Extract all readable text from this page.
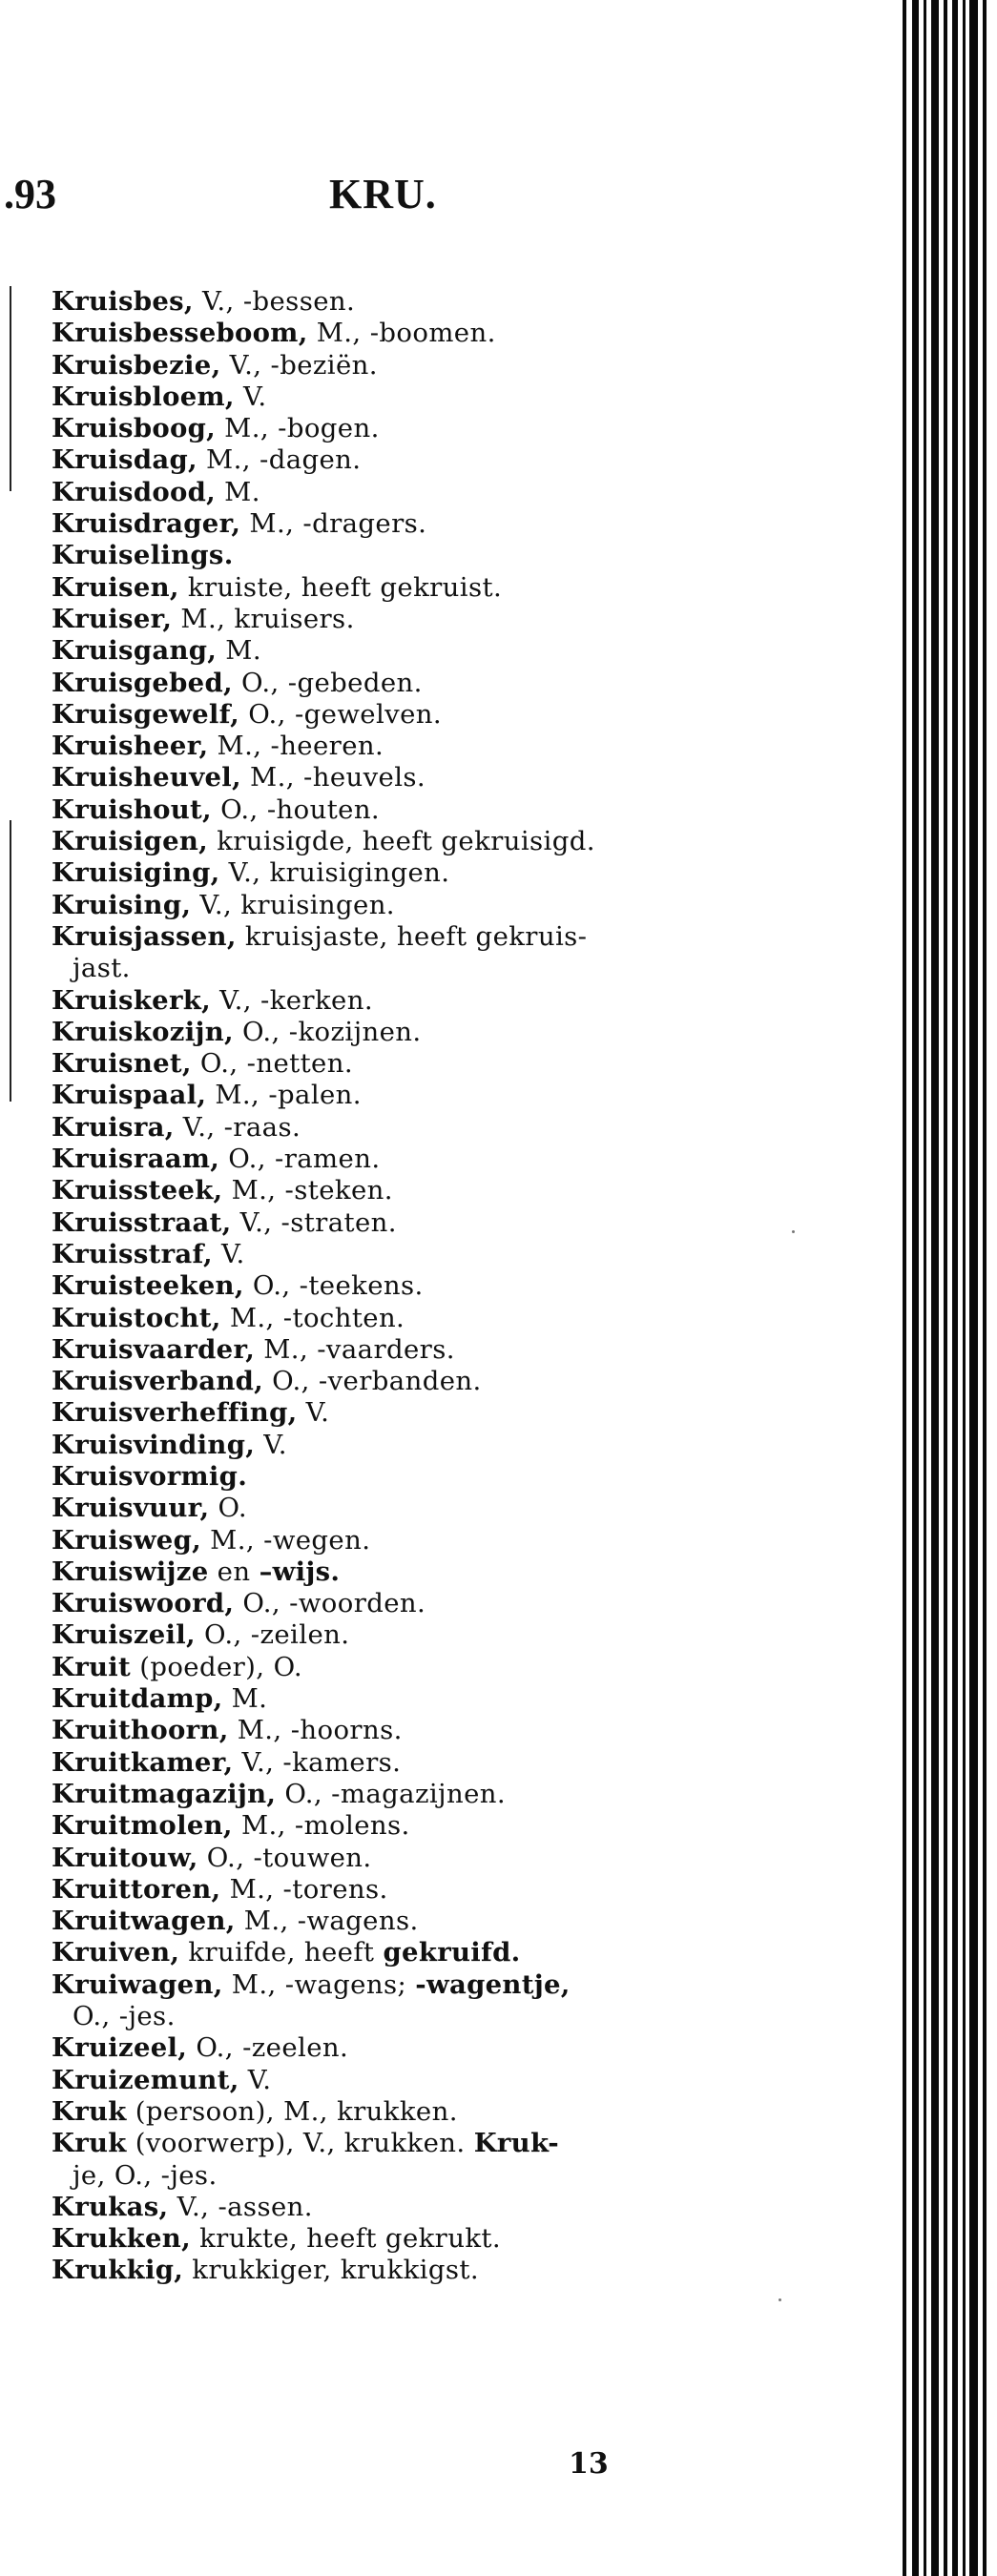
.93	KRU.
Kruisbes, V., -bessen.
Kruisbesseboom, M., -boomen.
Kruisbezie, V., -beziën.
Kruisbloem, V.
Kruisboog, M., -bogen.
Kruisdag, M., -dagen.
Kruisdood, M.
Kruisdrager, M., -dragers.
Kruiselings.
Kruisen, kruiste, heeft gekruist.
Kruiser, M., kruisers.
Kruisgang, M.
Kruisgebed, O., -gebeden.
Kruisgewelf, O., -gewelven.
Kruisheer, M., -heeren.
Kruisheuvel, M., -heuvels.
Kruishout, O., -houten.
Kruisigen, kruisigde, heeft gekruisigd.
Kruisiging, V., kruisigingen.
Kruising, V., kruisingen.
Kruisjassen, kruisjaste, heeft gekruis-
jast.
Kruiskerk, V., -kerken.
Kruiskozijn, O., -kozijnen.
Kruisnet, O., -netten.
Kruispaal, M., -palen.
Kruisra, V., -raas.
Kruisraam, O., -ramen.
Kruissteek, M., -steken.
Kruisstraat, V., -straten.
Kruisstraf, V.
Kruisteeken, O., -teekens.
Kruistocht, M., -tochten.
Kruisvaarder, M., -vaarders.
Kruisverband, O., -verbanden.
Kruisverheffing, V.
Kruisvinding, V.
Kruisvormig.
Kruisvuur, O.
Kruisweg, M., -wegen.
Kruiswijze en –wijs.
Kruiswoord, O., -woorden.
Kruiszeil, O., -zeilen.
Kruit (poeder), O.
Kruitdamp, M.
Kruithoorn, M., -hoorns.
Kruitkamer, V., -kamers.
Kruitmagazijn, O., -magazijnen.
Kruitmolen, M., -molens.
Kruitouw, O., -touwen.
Kruittoren, M., -torens.
Kruitwagen, M., -wagens.
Kruiven, kruifde, heeft gekruifd.
Kruiwagen, M., -wagens; -wagentje,
O., -jes.
Kruizeel, O., -zeelen.
Kruizemunt, V.
Kruk (persoon), M., krukken.
Kruk (voorwerp), V., krukken. Kruk-
je, O., -jes.
Krukas, V., -assen.
Krukken, krukte, heeft gekrukt.
Krukkig, krukkiger, krukkigst.
13
